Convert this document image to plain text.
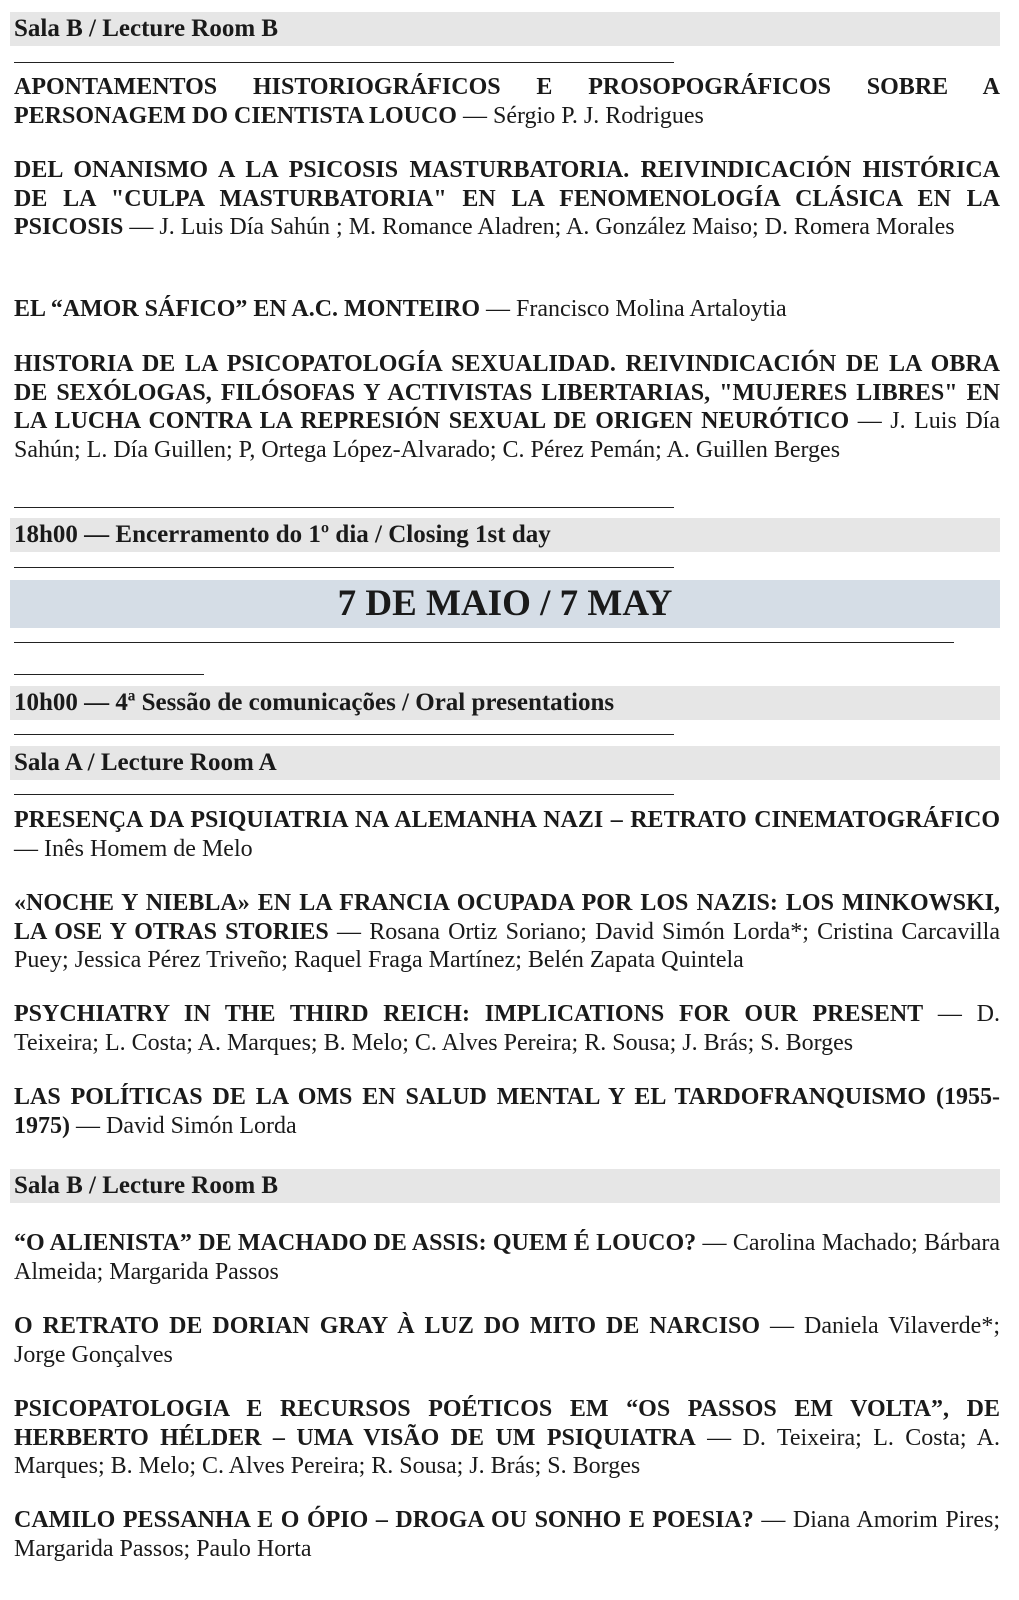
Sala B / Lecture Room B
APONTAMENTOS HISTORIOGRÁFICOS E PROSOPOGRÁFICOS SOBRE A PERSONAGEM DO CIENTISTA LOUCO — Sérgio P. J. Rodrigues
DEL ONANISMO A LA PSICOSIS MASTURBATORIA. REIVINDICACIÓN HISTÓRICA DE LA "CULPA MASTURBATORIA" EN LA FENOMENOLOGÍA CLÁSICA EN LA PSICOSIS — J. Luis Día Sahún ; M. Romance Aladren; A. González Maiso; D. Romera Morales
EL “AMOR SÁFICO” EN A.C. MONTEIRO — Francisco Molina Artaloytia
HISTORIA DE LA PSICOPATOLOGÍA SEXUALIDAD. REIVINDICACIÓN DE LA OBRA DE SEXÓLOGAS, FILÓSOFAS Y ACTIVISTAS LIBERTARIAS, "MUJERES LIBRES" EN LA LUCHA CONTRA LA REPRESIÓN SEXUAL DE ORIGEN NEURÓTICO — J. Luis Día Sahún; L. Día Guillen; P, Ortega López-Alvarado; C. Pérez Pemán; A. Guillen Berges
18h00 — Encerramento do 1º dia / Closing 1st day
7 DE MAIO / 7 MAY
10h00 — 4ª Sessão de comunicações / Oral presentations
Sala A / Lecture Room A
PRESENÇA DA PSIQUIATRIA NA ALEMANHA NAZI – RETRATO CINEMATOGRÁFICO — Inês Homem de Melo
«NOCHE Y NIEBLA» EN LA FRANCIA OCUPADA POR LOS NAZIS: LOS MINKOWSKI, LA OSE Y OTRAS STORIES — Rosana Ortiz Soriano; David Simón Lorda*; Cristina Carcavilla Puey; Jessica Pérez Triveño; Raquel Fraga Martínez; Belén Zapata Quintela
PSYCHIATRY IN THE THIRD REICH: IMPLICATIONS FOR OUR PRESENT — D. Teixeira; L. Costa; A. Marques; B. Melo; C. Alves Pereira; R. Sousa; J. Brás; S. Borges
LAS POLÍTICAS DE LA OMS EN SALUD MENTAL Y EL TARDOFRANQUISMO (1955-1975) — David Simón Lorda
Sala B / Lecture Room B
“O ALIENISTA” DE MACHADO DE ASSIS: QUEM É LOUCO? — Carolina Machado; Bárbara Almeida; Margarida Passos
O RETRATO DE DORIAN GRAY À LUZ DO MITO DE NARCISO — Daniela Vilaverde*; Jorge Gonçalves
PSICOPATOLOGIA E RECURSOS POÉTICOS EM “OS PASSOS EM VOLTA”, DE HERBERTO HÉLDER – UMA VISÃO DE UM PSIQUIATRA — D. Teixeira; L. Costa; A. Marques; B. Melo; C. Alves Pereira; R. Sousa; J. Brás; S. Borges
CAMILO PESSANHA E O ÓPIO – DROGA OU SONHO E POESIA? — Diana Amorim Pires; Margarida Passos; Paulo Horta
